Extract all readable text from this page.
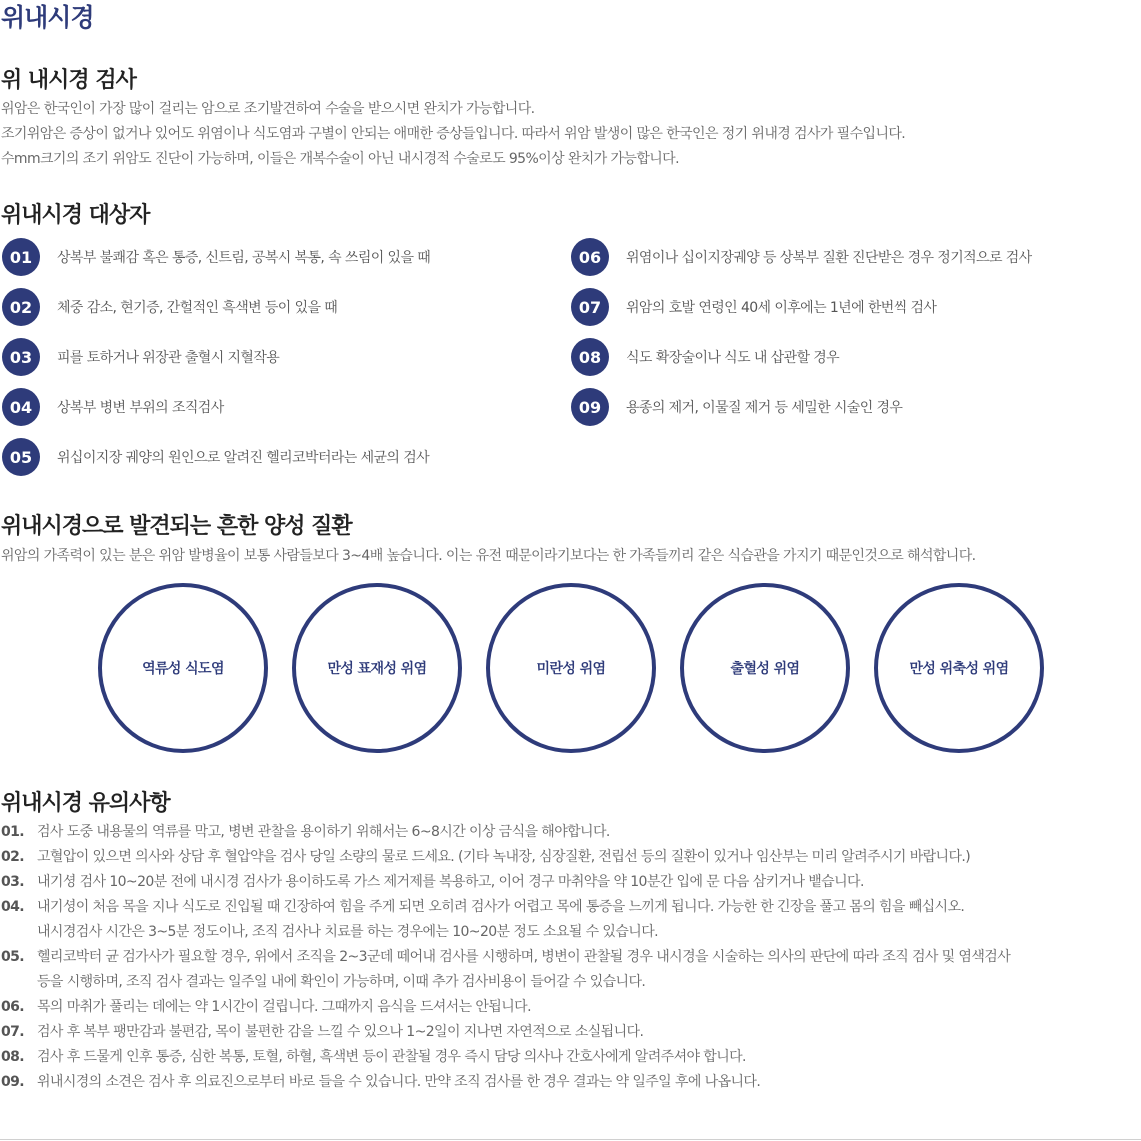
위내시경
위 내시경 검사

위암은 한국인이 가장 많이 걸리는 암으로 조기발견하여 수술을 받으시면 완치가 가능합니다.
조기위암은 증상이 없거나 있어도 위염이나 식도염과 구별이 안되는 애매한 증상들입니다. 따라서 위암 발생이 많은 한국인은 정기 위내경 검사가 필수입니다.
수mm크기의 조기 위암도 진단이 가능하며, 이들은 개복수술이 아닌 내시경적 수술로도 95%이상 완치가 가능합니다.

위내시경 대상자
01	상복부 불쾌감 혹은 통증, 신트림, 공복시 복통, 속 쓰림이 있을 때
02	체중 감소, 현기증, 간헐적인 흑색변 등이 있을 때
03	피를 토하거나 위장관 출혈시 지혈작용
04	상복부 병변 부위의 조직검사
05	위십이지장 궤양의 원인으로 알려진 헬리코박터라는 세균의 검사
06	위염이나 십이지장궤양 등 상복부 질환 진단받은 경우 정기적으로 검사
07	위암의 호발 연령인 40세 이후에는 1년에 한번씩 검사
08	식도 확장술이나 식도 내 삽관할 경우
09	용종의 제거, 이물질 제거 등 세밀한 시술인 경우
위내시경으로 발견되는 흔한 양성 질환

위암의 가족력이 있는 분은 위암 발병율이 보통 사람들보다 3~4배 높습니다. 이는 유전 때문이라기보다는 한 가족들끼리 같은 식습관을 가지기 때문인것으로 해석합니다.

역류성 식도염	만성 표재성 위염	미란성 위염	출혈성 위염	만성 위축성 위염
위내시경 유의사항
01. 검사 도중 내용물의 역류를 막고, 병변 관찰을 용이하기 위해서는 6~8시간 이상 금식을 해야합니다.
02. 고혈압이 있으면 의사와 상담 후 혈압약을 검사 당일 소량의 물로 드세요. (기타 녹내장, 심장질환, 전립선 등의 질환이 있거나 임산부는 미리 알려주시기 바랍니다.)
03. 내기셩 검사 10~20분 전에 내시경 검사가 용이하도록 가스 제거제를 복용하고, 이어 경구 마취약을 약 10분간 입에 문 다음 삼키거나 뱉습니다.
04. 내기셩이 처음 목을 지나 식도로 진입될 때 긴장하여 힘을 주게 되면 오히려 검사가 어렵고 목에 통증을 느끼게 됩니다. 가능한 한 긴장을 풀고 몸의 힘을 빼십시오.
내시경검사 시간은 3~5분 정도이나, 조직 검사나 치료를 하는 경우에는 10~20분 정도 소요될 수 있습니다.
05. 헬리코박터 균 검가사가 필요할 경우, 위에서 조직을 2~3군데 떼어내 검사를 시행하며, 병변이 관찰될 경우 내시경을 시술하는 의사의 판단에 따라 조직 검사 및 염색검사
등을 시행하며, 조직 검사 결과는 일주일 내에 확인이 가능하며, 이때 추가 검사비용이 들어갈 수 있습니다.
06. 목의 마취가 풀리는 데에는 약 1시간이 걸립니다. 그때까지 음식을 드셔서는 안됩니다.
07. 검사 후 복부 팽만감과 불편감, 목이 불편한 감을 느낄 수 있으나 1~2일이 지나면 자연적으로 소실됩니다.
08. 검사 후 드물게 인후 통증, 심한 복통, 토혈, 하혈, 흑색변 등이 관찰될 경우 즉시 담당 의사나 간호사에게 알려주셔야 합니다.
09. 위내시경의 소견은 검사 후 의료진으로부터 바로 들을 수 있습니다. 만약 조직 검사를 한 경우 결과는 약 일주일 후에 나옵니다.
